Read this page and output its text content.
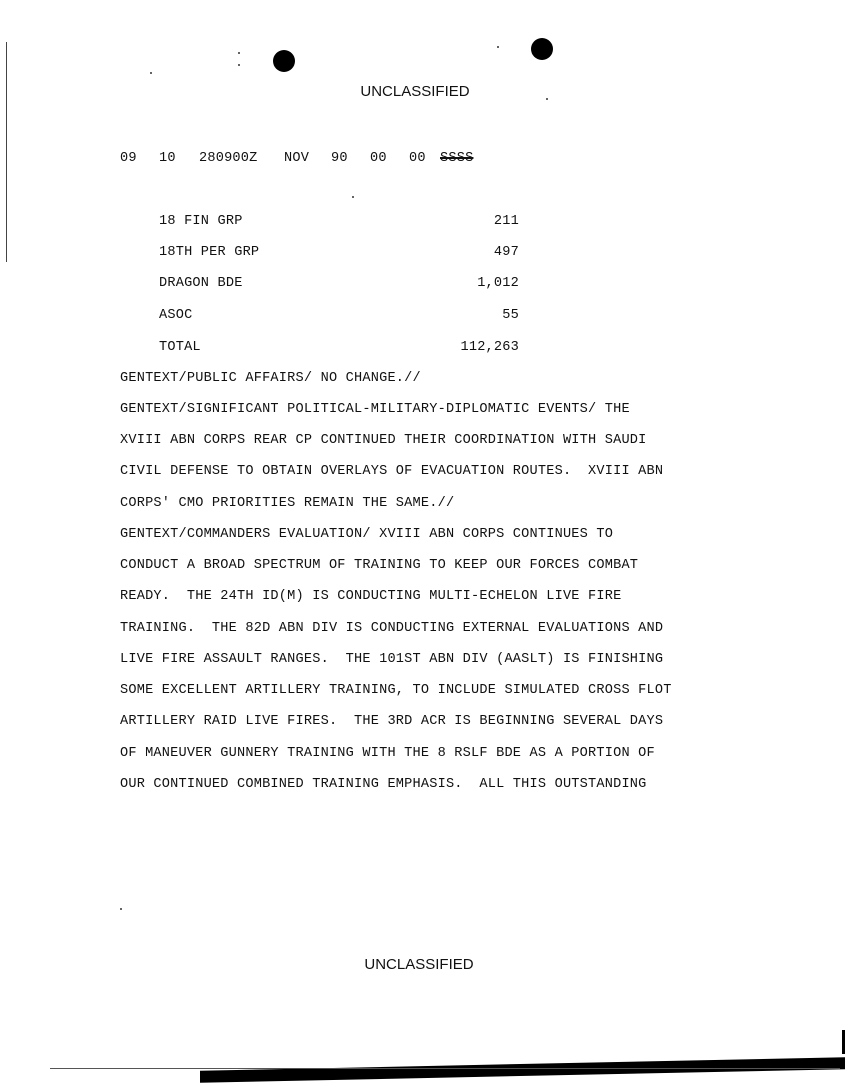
UNCLASSIFIED
09 10 280900Z NOV 90 00 00 SSSS
18 FIN GRP	211
18TH PER GRP	497
DRAGON BDE	1,012
ASOC	55
TOTAL	112,263
GENTEXT/PUBLIC AFFAIRS/ NO CHANGE.//
GENTEXT/SIGNIFICANT POLITICAL-MILITARY-DIPLOMATIC EVENTS/ THE
XVIII ABN CORPS REAR CP CONTINUED THEIR COORDINATION WITH SAUDI
CIVIL DEFENSE TO OBTAIN OVERLAYS OF EVACUATION ROUTES.  XVIII ABN
CORPS' CMO PRIORITIES REMAIN THE SAME.//
GENTEXT/COMMANDERS EVALUATION/ XVIII ABN CORPS CONTINUES TO
CONDUCT A BROAD SPECTRUM OF TRAINING TO KEEP OUR FORCES COMBAT
READY.  THE 24TH ID(M) IS CONDUCTING MULTI-ECHELON LIVE FIRE
TRAINING.  THE 82D ABN DIV IS CONDUCTING EXTERNAL EVALUATIONS AND
LIVE FIRE ASSAULT RANGES.  THE 101ST ABN DIV (AASLT) IS FINISHING
SOME EXCELLENT ARTILLERY TRAINING, TO INCLUDE SIMULATED CROSS FLOT
ARTILLERY RAID LIVE FIRES.  THE 3RD ACR IS BEGINNING SEVERAL DAYS
OF MANEUVER GUNNERY TRAINING WITH THE 8 RSLF BDE AS A PORTION OF
OUR CONTINUED COMBINED TRAINING EMPHASIS.  ALL THIS OUTSTANDING
UNCLASSIFIED
